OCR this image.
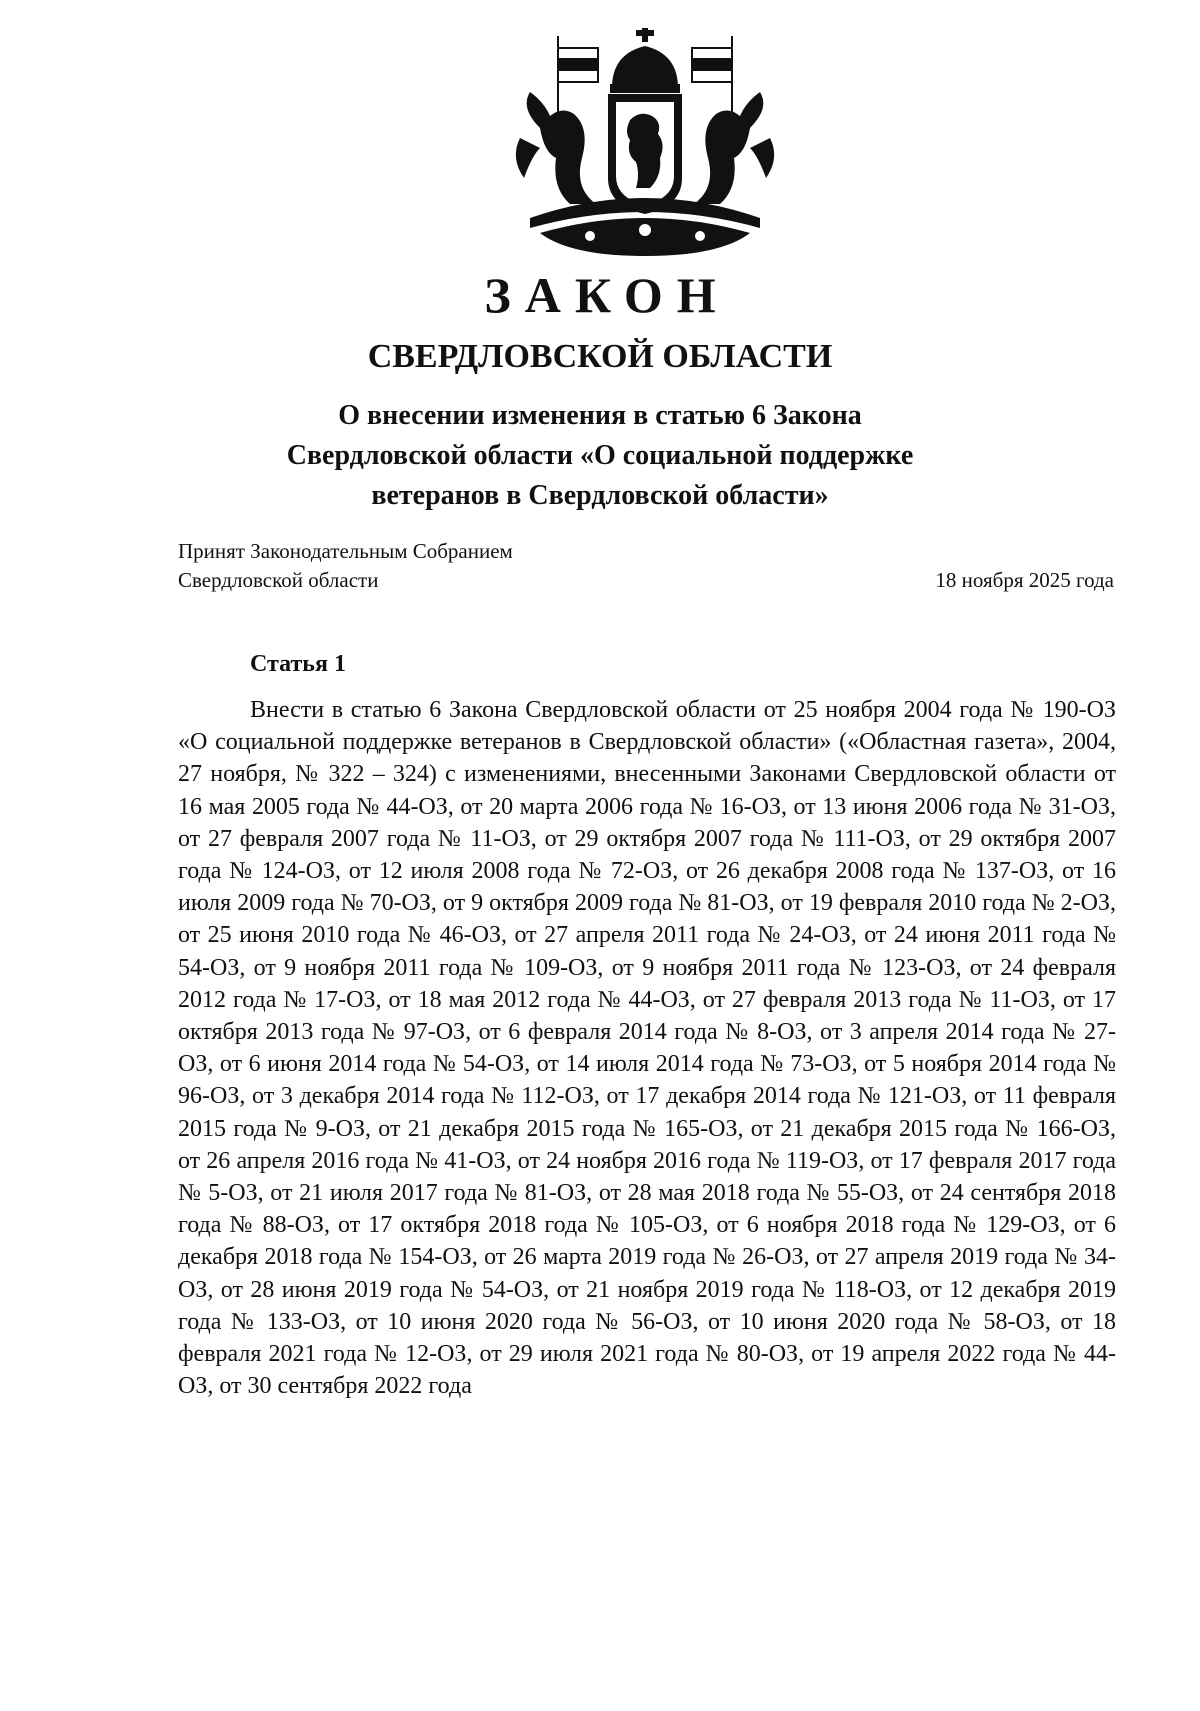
ЗАКОН
СВЕРДЛОВСКОЙ ОБЛАСТИ
О внесении изменения в статью 6 Закона
Свердловской области «О социальной поддержке
ветеранов в Свердловской области»
Принят Законодательным Собранием
Свердловской области	18 ноября 2025 года
Статья 1

Внести в статью 6 Закона Свердловской области от 25 ноября 2004 года № 190-ОЗ «О социальной поддержке ветеранов в Свердловской области» («Областная газета», 2004, 27 ноября, № 322 – 324) с изменениями, внесенными Законами Свердловской области от 16 мая 2005 года № 44-ОЗ, от 20 марта 2006 года № 16-ОЗ, от 13 июня 2006 года № 31-ОЗ, от 27 февраля 2007 года № 11-ОЗ, от 29 октября 2007 года № 111-ОЗ, от 29 октября 2007 года № 124-ОЗ, от 12 июля 2008 года № 72-ОЗ, от 26 декабря 2008 года № 137-ОЗ, от 16 июля 2009 года № 70-ОЗ, от 9 октября 2009 года № 81-ОЗ, от 19 февраля 2010 года № 2-ОЗ, от 25 июня 2010 года № 46-ОЗ, от 27 апреля 2011 года № 24-ОЗ, от 24 июня 2011 года № 54-ОЗ, от 9 ноября 2011 года № 109-ОЗ, от 9 ноября 2011 года № 123-ОЗ, от 24 февраля 2012 года № 17-ОЗ, от 18 мая 2012 года № 44-ОЗ, от 27 февраля 2013 года № 11-ОЗ, от 17 октября 2013 года № 97-ОЗ, от 6 февраля 2014 года № 8-ОЗ, от 3 апреля 2014 года № 27-ОЗ, от 6 июня 2014 года № 54-ОЗ, от 14 июля 2014 года № 73-ОЗ, от 5 ноября 2014 года № 96-ОЗ, от 3 декабря 2014 года № 112-ОЗ, от 17 декабря 2014 года № 121-ОЗ, от 11 февраля 2015 года № 9-ОЗ, от 21 декабря 2015 года № 165-ОЗ, от 21 декабря 2015 года № 166-ОЗ, от 26 апреля 2016 года № 41-ОЗ, от 24 ноября 2016 года № 119-ОЗ, от 17 февраля 2017 года № 5-ОЗ, от 21 июля 2017 года № 81-ОЗ, от 28 мая 2018 года № 55-ОЗ, от 24 сентября 2018 года № 88-ОЗ, от 17 октября 2018 года № 105-ОЗ, от 6 ноября 2018 года № 129-ОЗ, от 6 декабря 2018 года № 154-ОЗ, от 26 марта 2019 года № 26-ОЗ, от 27 апреля 2019 года № 34-ОЗ, от 28 июня 2019 года № 54-ОЗ, от 21 ноября 2019 года № 118-ОЗ, от 12 декабря 2019 года № 133-ОЗ, от 10 июня 2020 года № 56-ОЗ, от 10 июня 2020 года № 58-ОЗ, от 18 февраля 2021 года № 12-ОЗ, от 29 июля 2021 года № 80-ОЗ, от 19 апреля 2022 года № 44-ОЗ, от 30 сентября 2022 года
